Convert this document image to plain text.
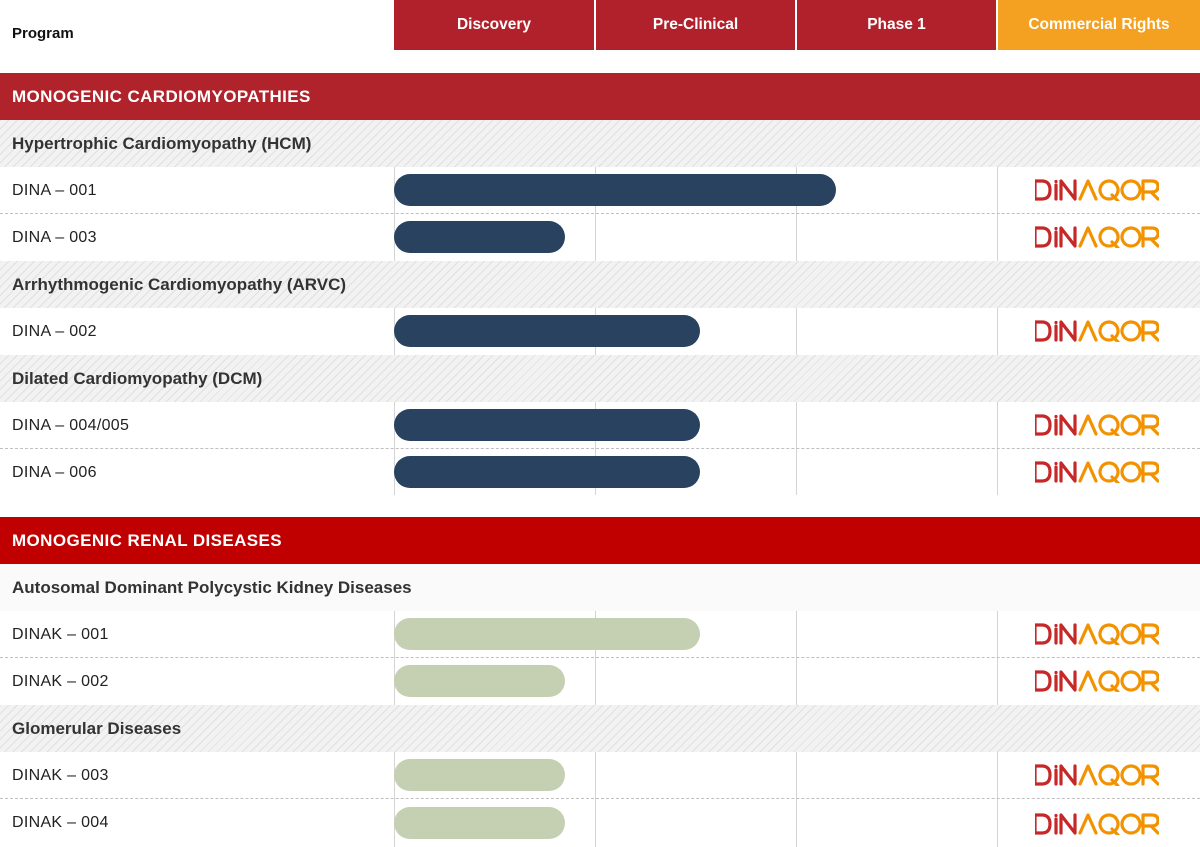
Program
Discovery	Pre-Clinical	Phase 1	Commercial Rights
MONOGENIC CARDIOMYOPATHIES
Hypertrophic Cardiomyopathy (HCM)
DINA – 001
DINA – 003
Arrhythmogenic Cardiomyopathy (ARVC)
DINA – 002
Dilated Cardiomyopathy (DCM)
DINA – 004/005
DINA – 006
MONOGENIC RENAL DISEASES
Autosomal Dominant Polycystic Kidney Diseases
DINAK – 001
DINAK – 002
Glomerular Diseases
DINAK – 003
DINAK – 004
